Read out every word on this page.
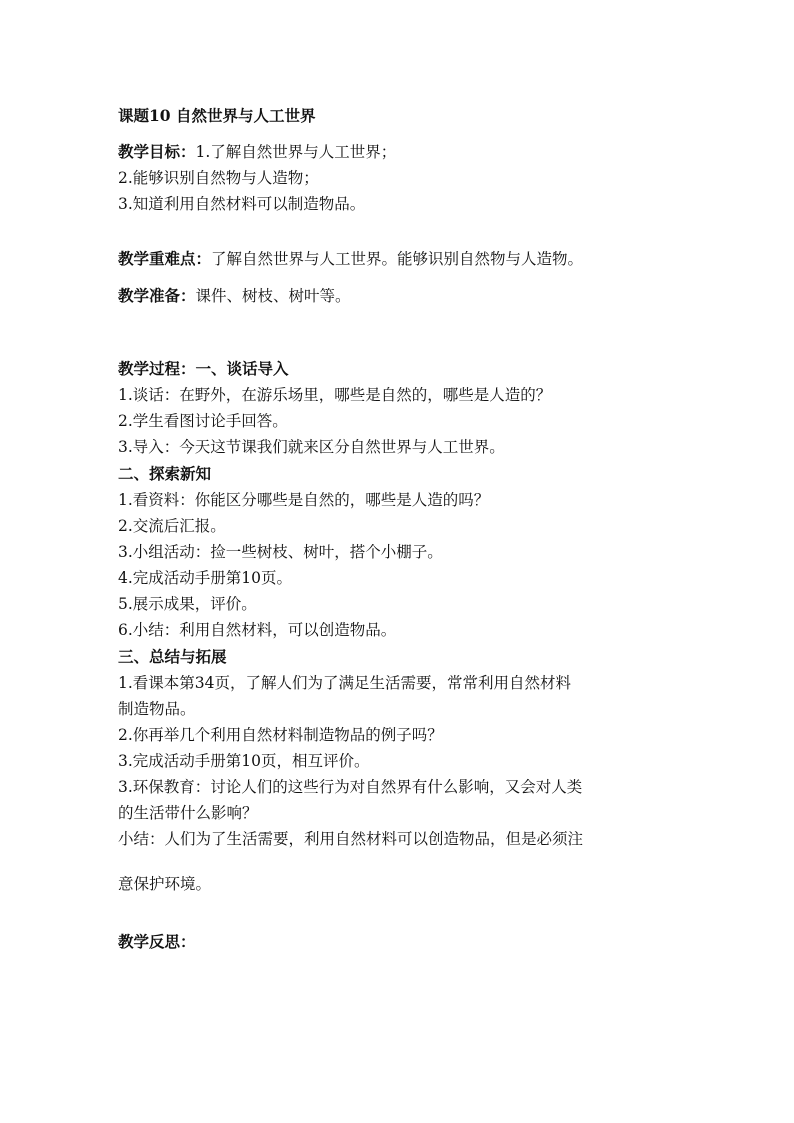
课题10 自然世界与人工世界
教学目标：1.了解自然世界与人工世界；
2.能够识别自然物与人造物；
3.知道利用自然材料可以制造物品。
教学重难点：了解自然世界与人工世界。能够识别自然物与人造物。
教学准备：课件、树枝、树叶等。
教学过程：一、谈话导入
1.谈话：在野外，在游乐场里，哪些是自然的，哪些是人造的？
2.学生看图讨论手回答。
3.导入：今天这节课我们就来区分自然世界与人工世界。
二、探索新知
1.看资料：你能区分哪些是自然的，哪些是人造的吗？
2.交流后汇报。
3.小组活动：捡一些树枝、树叶，搭个小棚子。
4.完成活动手册第10页。
5.展示成果，评价。
6.小结：利用自然材料，可以创造物品。
三、总结与拓展
1.看课本第34页，了解人们为了满足生活需要，常常利用自然材料
制造物品。
2.你再举几个利用自然材料制造物品的例子吗？
3.完成活动手册第10页，相互评价。
3.环保教育：讨论人们的这些行为对自然界有什么影响，又会对人类
的生活带什么影响？
小结：人们为了生活需要，利用自然材料可以创造物品，但是必须注
意保护环境。
教学反思：
